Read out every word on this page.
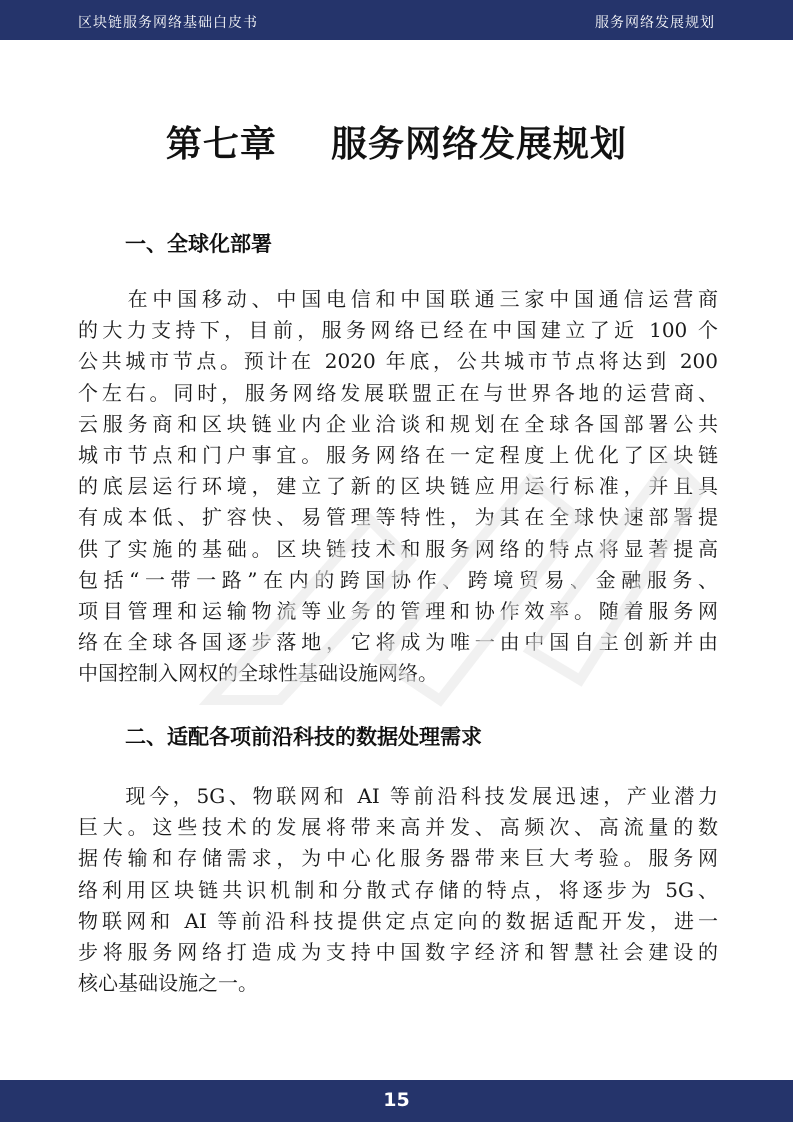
区块链服务网络基础白皮书	服务网络发展规划
第七章    服务网络发展规划
一、全球化部署
　　在中国移动、中国电信和中国联通三家中国通信运营商
的大力支持下，目前，服务网络已经在中国建立了近 100 个
公共城市节点。预计在 2020 年底，公共城市节点将达到 200
个左右。同时，服务网络发展联盟正在与世界各地的运营商、
云服务商和区块链业内企业洽谈和规划在全球各国部署公共
城市节点和门户事宜。服务网络在一定程度上优化了区块链
的底层运行环境，建立了新的区块链应用运行标准，并且具
有成本低、扩容快、易管理等特性，为其在全球快速部署提
供了实施的基础。区块链技术和服务网络的特点将显著提高
包括“一带一路”在内的跨国协作、跨境贸易、金融服务、
项目管理和运输物流等业务的管理和协作效率。随着服务网
络在全球各国逐步落地，它将成为唯一由中国自主创新并由
中国控制入网权的全球性基础设施网络。
二、适配各项前沿科技的数据处理需求
　　现今，5G、物联网和 AI 等前沿科技发展迅速，产业潜力
巨大。这些技术的发展将带来高并发、高频次、高流量的数
据传输和存储需求，为中心化服务器带来巨大考验。服务网
络利用区块链共识机制和分散式存储的特点，将逐步为 5G、
物联网和 AI 等前沿科技提供定点定向的数据适配开发，进一
步将服务网络打造成为支持中国数字经济和智慧社会建设的
核心基础设施之一。
15
